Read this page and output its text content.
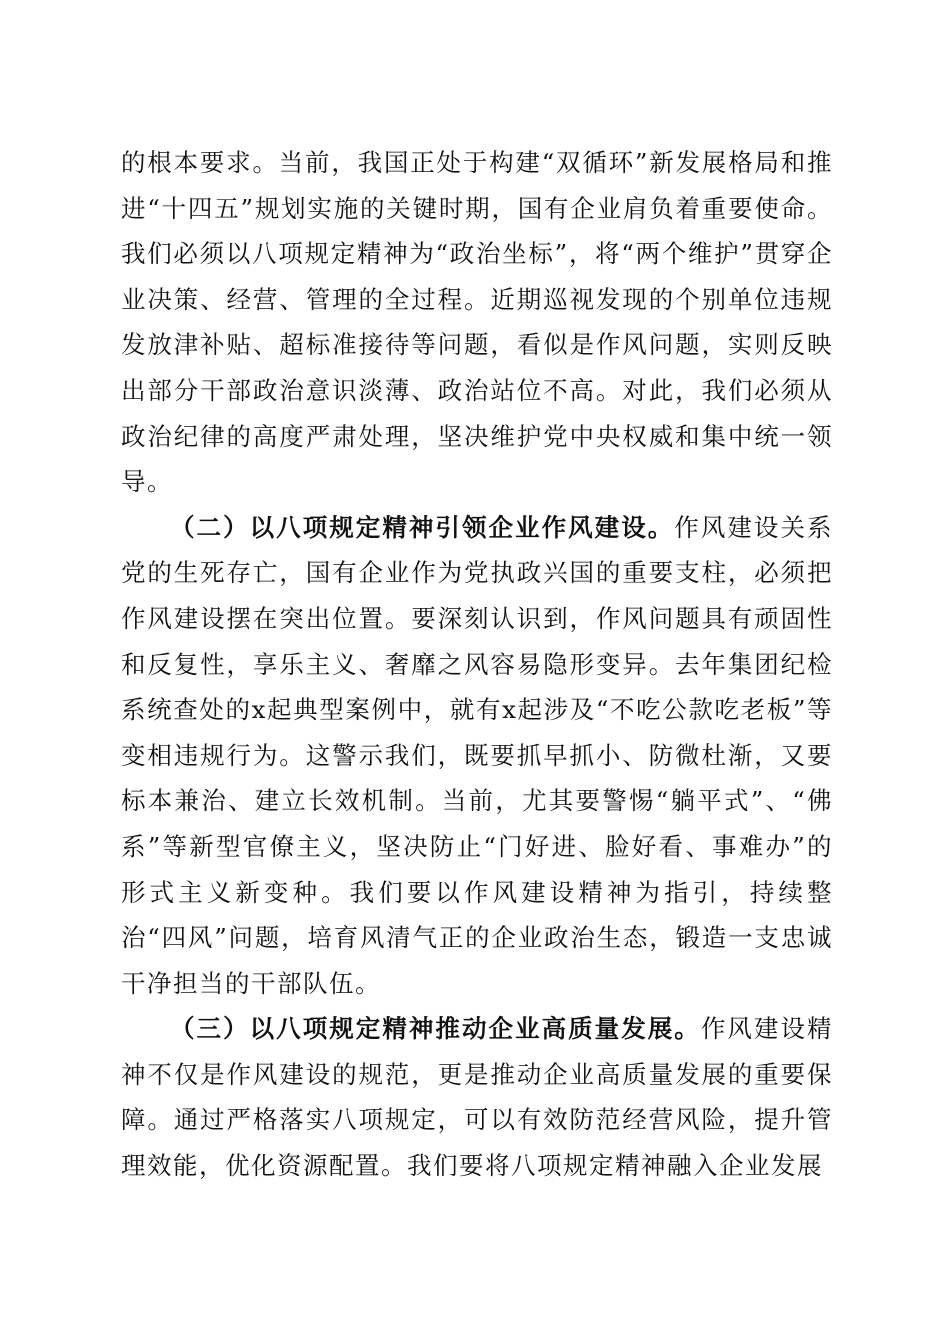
的根本要求。当前，我国正处于构建“双循环”新发展格局和推进“十四五”规划实施的关键时期，国有企业肩负着重要使命。我们必须以八项规定精神为“政治坐标”，将“两个维护”贯穿企业决策、经营、管理的全过程。近期巡视发现的个别单位违规发放津补贴、超标准接待等问题，看似是作风问题，实则反映出部分干部政治意识淡薄、政治站位不高。对此，我们必须从政治纪律的高度严肃处理，坚决维护党中央权威和集中统一领导。

（二）以八项规定精神引领企业作风建设。作风建设关系党的生死存亡，国有企业作为党执政兴国的重要支柱，必须把作风建设摆在突出位置。要深刻认识到，作风问题具有顽固性和反复性，享乐主义、奢靡之风容易隐形变异。去年集团纪检系统查处的x起典型案例中，就有x起涉及“不吃公款吃老板”等变相违规行为。这警示我们，既要抓早抓小、防微杜渐，又要标本兼治、建立长效机制。当前，尤其要警惕“躺平式”、“佛系”等新型官僚主义，坚决防止“门好进、脸好看、事难办”的形式主义新变种。我们要以作风建设精神为指引，持续整治“四风”问题，培育风清气正的企业政治生态，锻造一支忠诚干净担当的干部队伍。

（三）以八项规定精神推动企业高质量发展。作风建设精神不仅是作风建设的规范，更是推动企业高质量发展的重要保障。通过严格落实八项规定，可以有效防范经营风险，提升管理效能，优化资源配置。我们要将八项规定精神融入企业发展
